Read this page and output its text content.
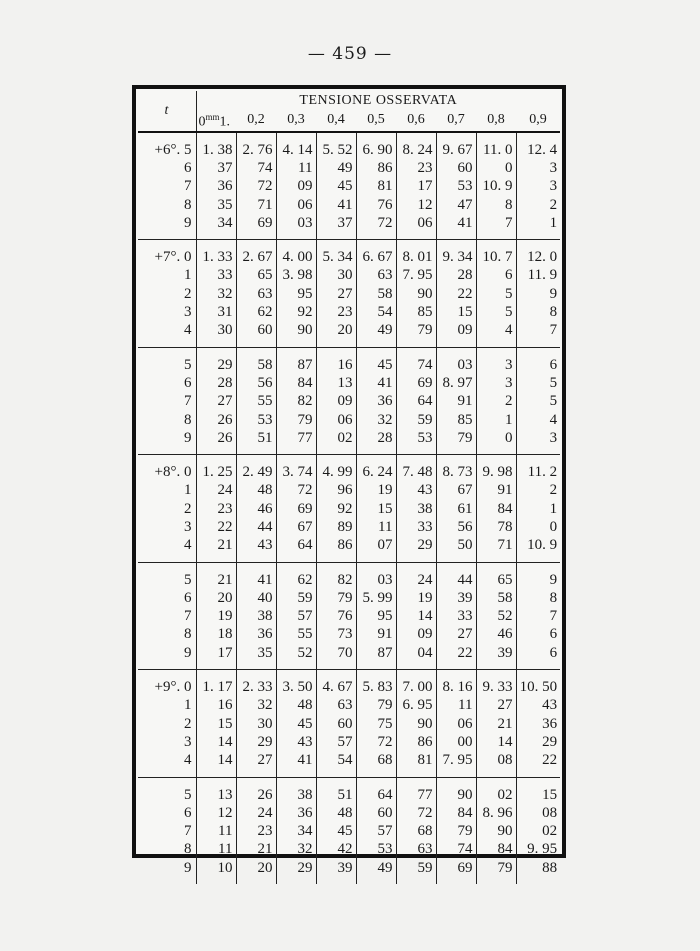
— 459 —
t	TENSIONE OSSERVATA								
	$0^{mm}1$.	0,2	0,3	0,4	0,5	0,6	0,7	0,8	0,9
+6°. 5	1. 38	2. 76	4. 14	5. 52	6. 90	8. 24	9. 67	11. 0	12. 4
6	37	74	11	49	86	23	60	0	3
7	36	72	09	45	81	17	53	10. 9	3
8	35	71	06	41	76	12	47	8	2
9	34	69	03	37	72	06	41	7	1
+7°. 0	1. 33	2. 67	4. 00	5. 34	6. 67	8. 01	9. 34	10. 7	12. 0
1	33	65	3. 98	30	63	7. 95	28	6	11. 9
2	32	63	95	27	58	90	22	5	9
3	31	62	92	23	54	85	15	5	8
4	30	60	90	20	49	79	09	4	7
5	29	58	87	16	45	74	03	3	6
6	28	56	84	13	41	69	8. 97	3	5
7	27	55	82	09	36	64	91	2	5
8	26	53	79	06	32	59	85	1	4
9	26	51	77	02	28	53	79	0	3
+8°. 0	1. 25	2. 49	3. 74	4. 99	6. 24	7. 48	8. 73	9. 98	11. 2
1	24	48	72	96	19	43	67	91	2
2	23	46	69	92	15	38	61	84	1
3	22	44	67	89	11	33	56	78	0
4	21	43	64	86	07	29	50	71	10. 9
5	21	41	62	82	03	24	44	65	9
6	20	40	59	79	5. 99	19	39	58	8
7	19	38	57	76	95	14	33	52	7
8	18	36	55	73	91	09	27	46	6
9	17	35	52	70	87	04	22	39	6
+9°. 0	1. 17	2. 33	3. 50	4. 67	5. 83	7. 00	8. 16	9. 33	10. 50
1	16	32	48	63	79	6. 95	11	27	43
2	15	30	45	60	75	90	06	21	36
3	14	29	43	57	72	86	00	14	29
4	14	27	41	54	68	81	7. 95	08	22
5	13	26	38	51	64	77	90	02	15
6	12	24	36	48	60	72	84	8. 96	08
7	11	23	34	45	57	68	79	90	02
8	11	21	32	42	53	63	74	84	9. 95
9	10	20	29	39	49	59	69	79	88
